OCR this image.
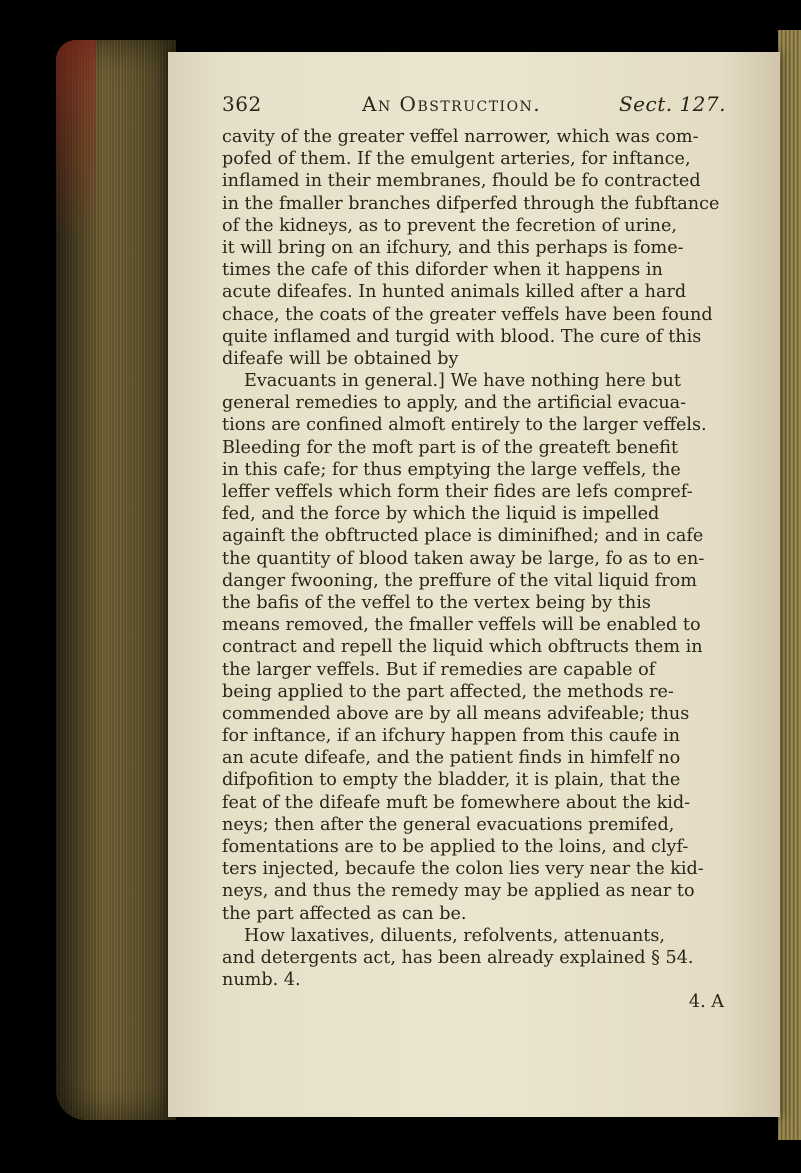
362	An Obstruction.	Sect. 127.
cavity of the greater veffel narrower, which was com-
pofed of them. If the emulgent arteries, for inftance,
inflamed in their membranes, fhould be fo contracted
in the fmaller branches difperfed through the fubftance
of the kidneys, as to prevent the fecretion of urine,
it will bring on an ifchury, and this perhaps is fome-
times the cafe of this diforder when it happens in
acute difeafes. In hunted animals killed after a hard
chace, the coats of the greater veffels have been found
quite inflamed and turgid with blood. The cure of this
difeafe will be obtained by
Evacuants in general.] We have nothing here but
general remedies to apply, and the artificial evacua-
tions are confined almoft entirely to the larger veffels.
Bleeding for the moft part is of the greateft benefit
in this cafe; for thus emptying the large veffels, the
leffer veffels which form their fides are lefs compref-
fed, and the force by which the liquid is impelled
againft the obftructed place is diminifhed; and in cafe
the quantity of blood taken away be large, fo as to en-
danger fwooning, the preffure of the vital liquid from
the bafis of the veffel to the vertex being by this
means removed, the fmaller veffels will be enabled to
contract and repell the liquid which obftructs them in
the larger veffels. But if remedies are capable of
being applied to the part affected, the methods re-
commended above are by all means advifeable; thus
for inftance, if an ifchury happen from this caufe in
an acute difeafe, and the patient finds in himfelf no
difpofition to empty the bladder, it is plain, that the
feat of the difeafe muft be fomewhere about the kid-
neys; then after the general evacuations premifed,
fomentations are to be applied to the loins, and clyf-
ters injected, becaufe the colon lies very near the kid-
neys, and thus the remedy may be applied as near to
the part affected as can be.
How laxatives, diluents, refolvents, attenuants,
and detergents act, has been already explained § 54.
numb. 4.
4. A
